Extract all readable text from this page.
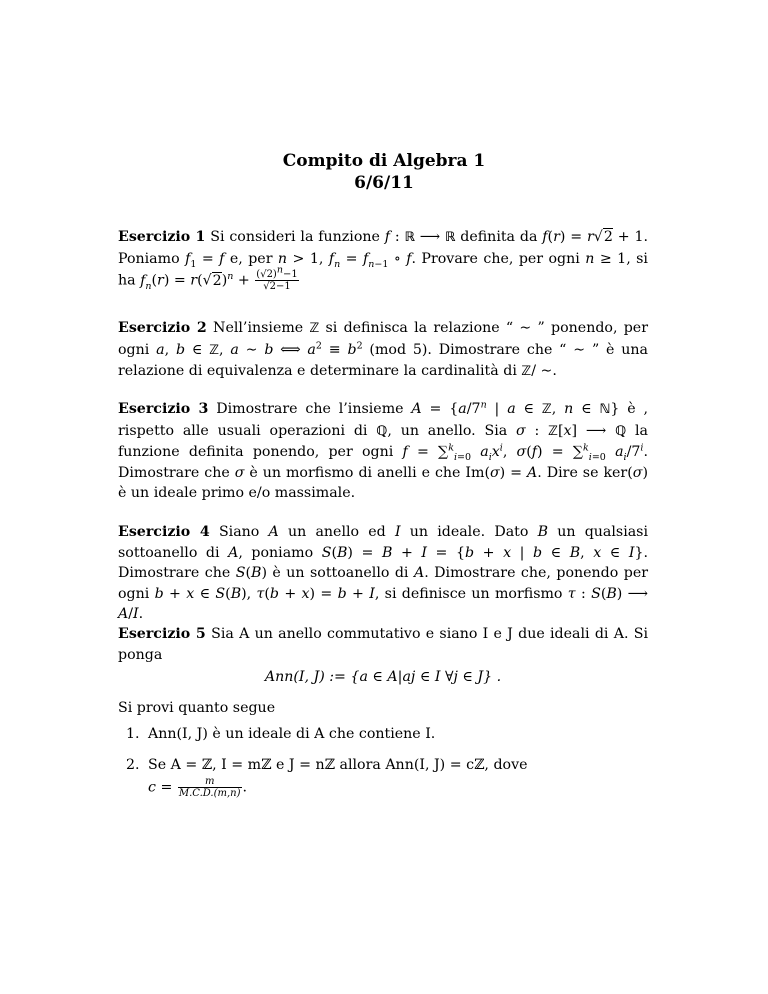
Compito di Algebra 1
6/6/11
Esercizio 1 Si consideri la funzione f : ℝ ⟶ ℝ definita da f(r) = r√2 + 1. Poniamo $f_1 = f$ e, per n > 1, $f_n = f_{n-1}$ ∘ f. Provare che, per ogni n ≥ 1, si ha $f_n(r) = r(√2)^n + \frac{(√2)^n-1}{√2-1}$
Esercizio 2 Nell’insieme ℤ si definisca la relazione “ ∼ ” ponendo, per ogni a, b ∈ ℤ, a ∼ b ⟺ $a^2 \equiv b^2$ (mod 5). Dimostrare che “ ∼ ” è una relazione di equivalenza e determinare la cardinalità di ℤ/ ∼.
Esercizio 3 Dimostrare che l’insieme $A = \{a/7^n$ | a ∈ ℤ, n ∈ ℕ} è , rispetto alle usuali operazioni di ℚ, un anello. Sia σ : ℤ[x] ⟶ ℚ la funzione definita ponendo, per ogni f = ∑$^k_{i=0}$ $a_ix^i$, σ(f) = ∑$^k_{i=0}$ $a_i/7^i$. Dimostrare che σ è un morfismo di anelli e che Im(σ) = A. Dire se ker(σ) è un ideale primo e/o massimale.
Esercizio 4 Siano A un anello ed I un ideale. Dato B un qualsiasi sottoanello di A, poniamo S(B) = B + I = {b + x | b ∈ B, x ∈ I}. Dimostrare che S(B) è un sottoanello di A. Dimostrare che, ponendo per ogni b + x ∈ S(B), τ(b + x) = b + I, si definisce un morfismo τ : S(B) ⟶ A/I.
Esercizio 5 Sia A un anello commutativo e siano I e J due ideali di A. Si ponga
Ann(I, J) := {a ∈ A|aj ∈ I ∀j ∈ J} .
Si provi quanto segue
1. Ann(I, J) è un ideale di A che contiene I.
2. Se A = ℤ, I = mℤ e J = nℤ allora Ann(I, J) = cℤ, dove
$c = \frac{m}{M.C.D.(m,n)}$ .
